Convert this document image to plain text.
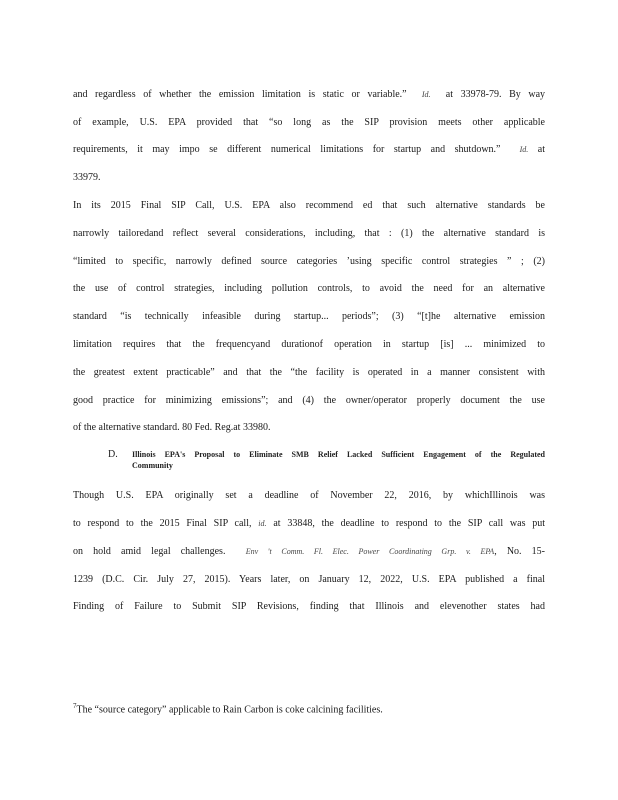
and regardless of whether the emission limitation is static or variable.” Id. at 33978-79. By way
of example, U.S. EPA provided that “so long as the SIP provision meets other applicable
requirements, it may impo se different numerical limitations for startup and shutdown.” Id. at
33979.
In its 2015 Final SIP Call, U.S. EPA also recommend ed that such alternative standards be
narrowly tailoredand reflect several considerations, including, that : (1) the alternative standard is
“limited to specific, narrowly defined source categories ’using specific control strategies ” ; (2)
the use of control strategies, including pollution controls, to avoid the need for an alternative
standard “is technically infeasible during startup... periods”; (3) “[t]he alternative emission
limitation requires that the frequencyand durationof operation in startup [is] ... minimized to
the greatest extent practicable” and that the “the facility is operated in a manner consistent with
good practice for minimizing emissions”; and (4) the owner/operator properly document the use
of the alternative standard. 80 Fed. Reg.at 33980.
D. Illinois EPA's Proposal to Eliminate SMB Relief Lacked Sufficient Engagement of the Regulated Community
Though U.S. EPA originally set a deadline of November 22, 2016, by whichIllinois was
to respond to the 2015 Final SIP call, id. at 33848, the deadline to respond to the SIP call was put
on hold amid legal challenges.	Env 't Comm. Fl. Elec. Power Coordinating Grp. v. EPA, No. 15-
1239 (D.C. Cir. July 27, 2015). Years later, on January 12, 2022, U.S. EPA published a final
Finding of Failure to Submit SIP Revisions, finding that Illinois and elevenother states had
$^7$The “source category” applicable to Rain Carbon is coke calcining facilities.
